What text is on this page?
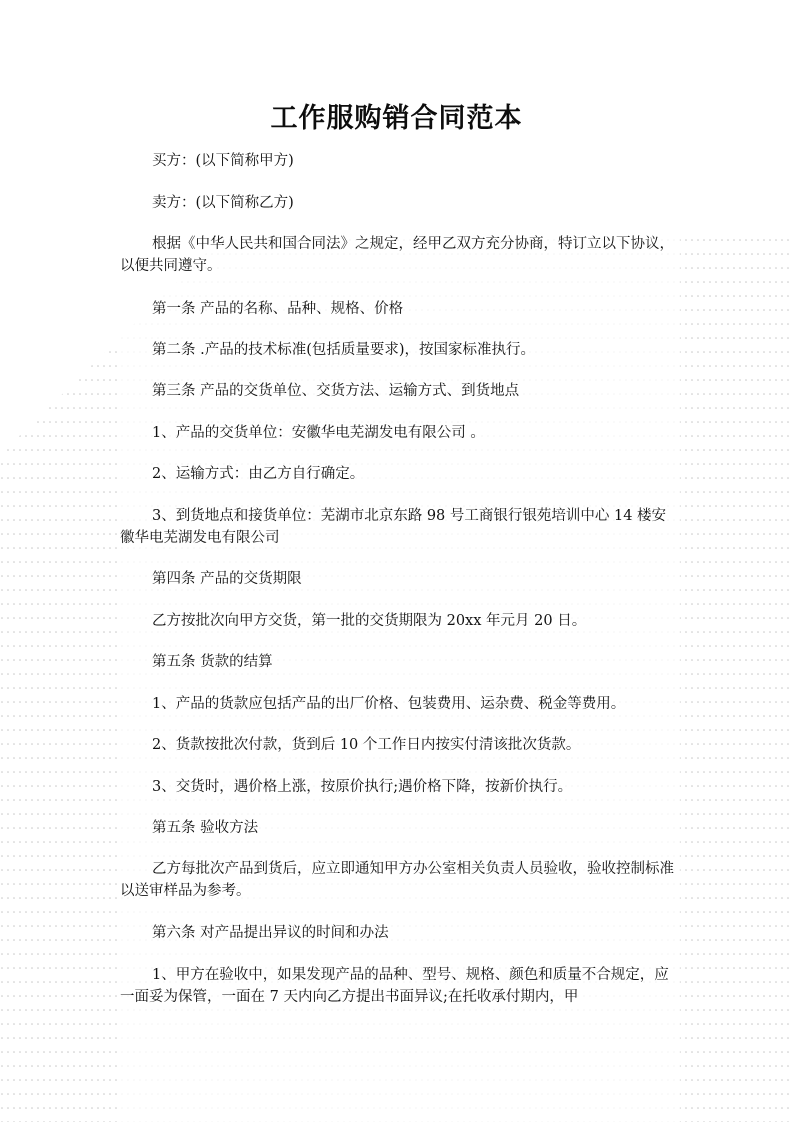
工作服购销合同范本

买方：(以下简称甲方)

卖方：(以下简称乙方)

根据《中华人民共和国合同法》之规定，经甲乙双方充分协商，特订立以下协议，以便共同遵守。

第一条 产品的名称、品种、规格、价格

第二条 .产品的技术标准(包括质量要求)，按国家标准执行。

第三条 产品的交货单位、交货方法、运输方式、到货地点

1、产品的交货单位：安徽华电芜湖发电有限公司 。

2、运输方式：由乙方自行确定。

3、到货地点和接货单位：芜湖市北京东路 98 号工商银行银苑培训中心 14 楼安徽华电芜湖发电有限公司

第四条 产品的交货期限

乙方按批次向甲方交货，第一批的交货期限为 20xx 年元月 20 日。

第五条 货款的结算

1、产品的货款应包括产品的出厂价格、包装费用、运杂费、税金等费用。

2、货款按批次付款，货到后 10 个工作日内按实付清该批次货款。

3、交货时，遇价格上涨，按原价执行;遇价格下降，按新价执行。

第五条 验收方法

乙方每批次产品到货后，应立即通知甲方办公室相关负责人员验收，验收控制标准以送审样品为参考。

第六条 对产品提出异议的时间和办法

1、甲方在验收中，如果发现产品的品种、型号、规格、颜色和质量不合规定，应一面妥为保管，一面在 7 天内向乙方提出书面异议;在托收承付期内，甲
